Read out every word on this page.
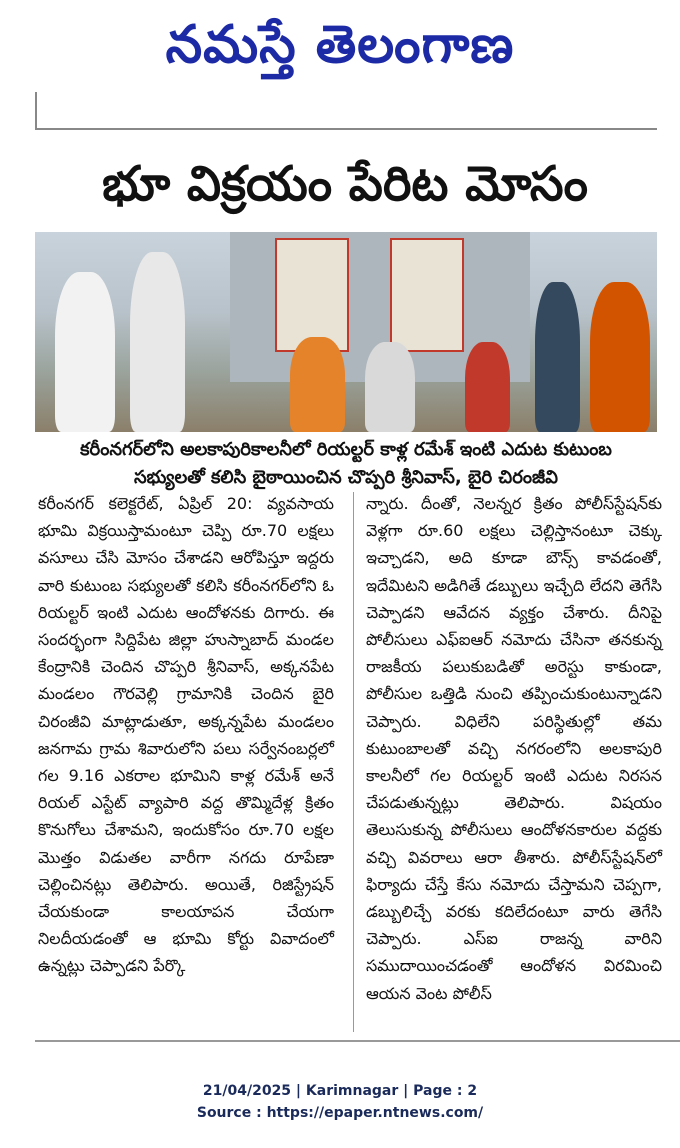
నమస్తే తెలంగాణ
భూ విక్రయం పేరిట మోసం
కరీంనగర్‌లోని అలకాపురికాలనీలో రియల్టర్ కాళ్ల రమేశ్ ఇంటి ఎదుట కుటుంబ
సభ్యులతో కలిసి బైఠాయించిన చొప్పరి శ్రీనివాస్, బైరి చిరంజీవి
కరీంనగర్ కలెక్టరేట్, ఏప్రిల్ 20: వ్యవసాయ భూమి విక్రయిస్తామంటూ చెప్పి రూ.70 లక్షలు వసూలు చేసి మోసం చేశాడని ఆరోపిస్తూ ఇద్దరు వారి కుటుంబ సభ్యులతో కలిసి కరీంనగర్‌లోని ఓ రియల్టర్ ఇంటి ఎదుట ఆందోళనకు దిగారు. ఈ సందర్భంగా సిద్దిపేట జిల్లా హుస్నాబాద్ మండల కేంద్రానికి చెందిన చొప్పరి శ్రీనివాస్, అక్కనపేట మండలం గౌరవెల్లి గ్రామానికి చెందిన బైరి చిరంజీవి మాట్లాడుతూ, అక్కన్నపేట మండలం జనగామ గ్రామ శివారులోని పలు సర్వేనంబర్లలో గల 9.16 ఎకరాల భూమిని కాళ్ల రమేశ్ అనే రియల్ ఎస్టేట్ వ్యాపారి వద్ద తొమ్మిదేళ్ల క్రితం కొనుగోలు చేశామని, ఇందుకోసం రూ.70 లక్షల మొత్తం విడుతల వారీగా నగదు రూపేణా చెల్లించినట్లు తెలిపారు. అయితే, రిజిస్ట్రేషన్ చేయకుండా కాలయాపన చేయగా నిలదీయడంతో ఆ భూమి కోర్టు వివాదంలో ఉన్నట్లు చెప్పాడని పేర్కొ
న్నారు. దీంతో, నెలన్నర క్రితం పోలీస్‌స్టేషన్‌కు వెళ్లగా రూ.60 లక్షలు చెల్లిస్తానంటూ చెక్కు ఇచ్చాడని, అది కూడా బౌన్స్ కావడంతో, ఇదేమిటని అడిగితే డబ్బులు ఇచ్చేది లేదని తెగేసి చెప్పాడని ఆవేదన వ్యక్తం చేశారు. దీనిపై పోలీసులు ఎఫ్ఐఆర్ నమోదు చేసినా తనకున్న రాజకీయ పలుకుబడితో అరెస్టు కాకుండా, పోలీసుల ఒత్తిడి నుంచి తప్పించుకుంటున్నాడని చెప్పారు. విధిలేని పరిస్థితుల్లో తమ కుటుంబాలతో వచ్చి నగరంలోని అలకాపురి కాలనీలో గల రియల్టర్ ఇంటి ఎదుట నిరసన చేపడుతున్నట్లు తెలిపారు. విషయం తెలుసుకున్న పోలీసులు ఆందోళనకారుల వద్దకు వచ్చి వివరాలు ఆరా తీశారు. పోలీస్‌స్టేషన్‌లో ఫిర్యాదు చేస్తే కేసు నమోదు చేస్తామని చెప్పగా, డబ్బులిచ్చే వరకు కదిలేదంటూ వారు తెగేసి చెప్పారు. ఎస్ఐ రాజన్న వారిని సముదాయించడంతో ఆందోళన విరమించి ఆయన వెంట పోలీస్
21/04/2025 | Karimnagar | Page : 2
Source : https://epaper.ntnews.com/
